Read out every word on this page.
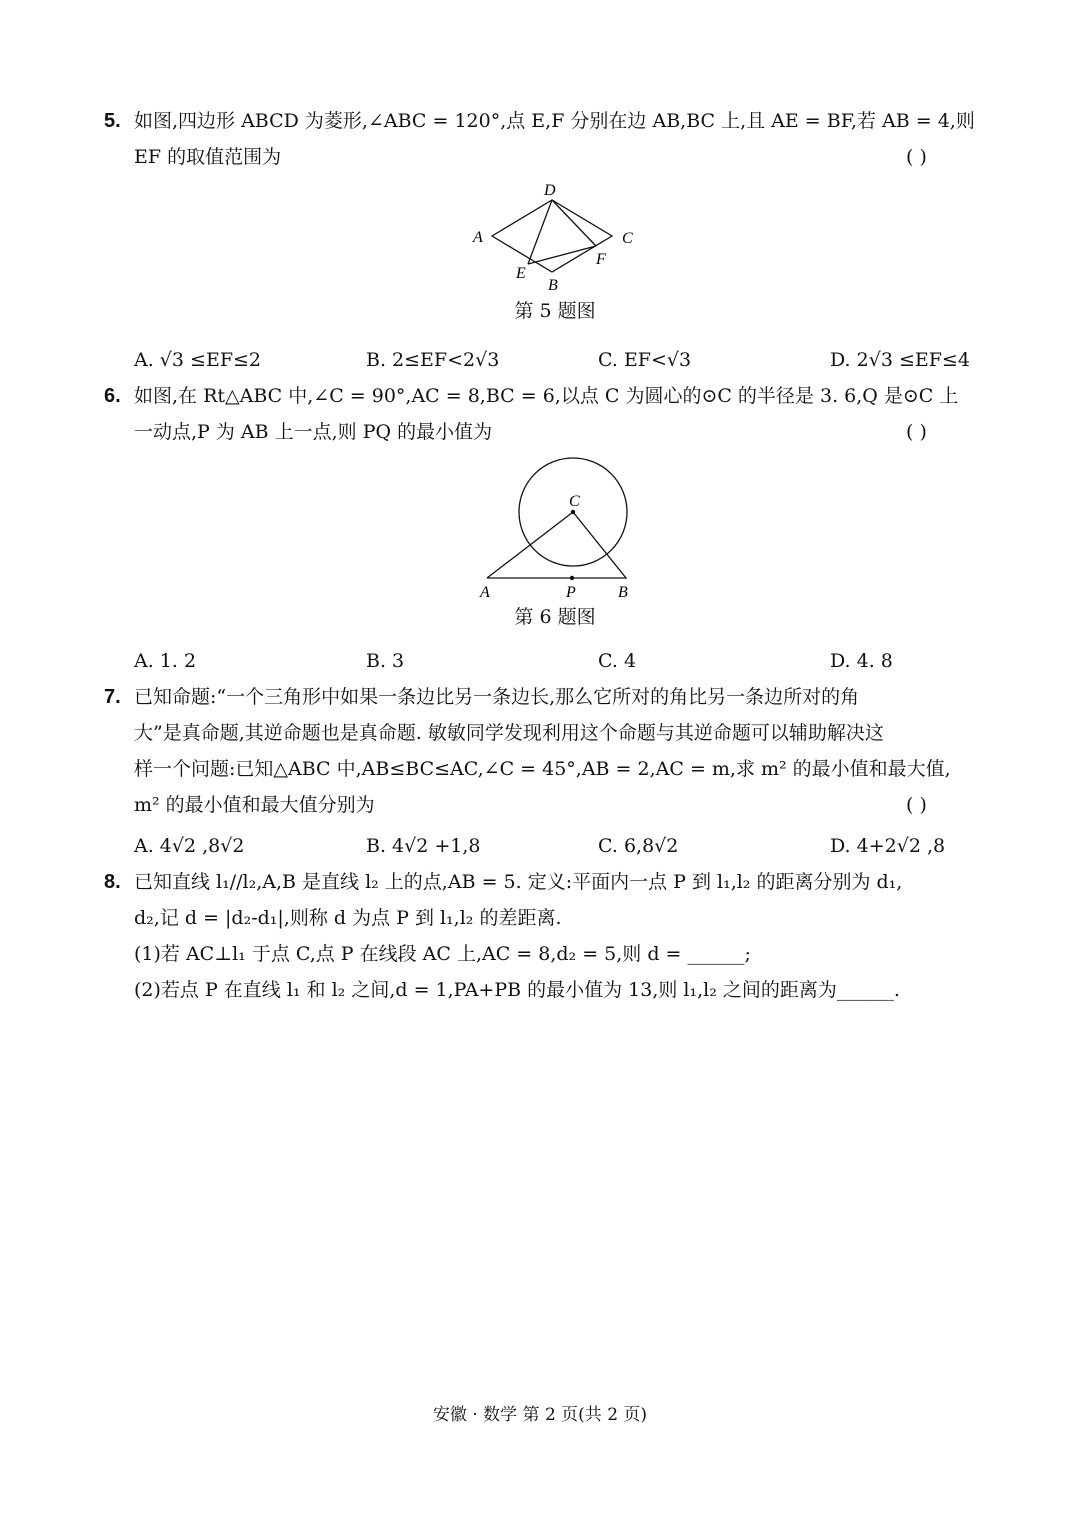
5. 如图,四边形 ABCD 为菱形,∠ABC = 120°,点 E,F 分别在边 AB,BC 上,且 AE = BF,若 AB = 4,则
EF 的取值范围为	( )
D
A	C
E
F
B
第 5 题图
A. √3 ≤EF≤2	B. 2≤EF<2√3	C. EF<√3	D. 2√3 ≤EF≤4
6. 如图,在 Rt△ABC 中,∠C = 90°,AC = 8,BC = 6,以点 C 为圆心的⊙C 的半径是 3. 6,Q 是⊙C 上
一动点,P 为 AB 上一点,则 PQ 的最小值为	( )
C
A	P	B
第 6 题图
A. 1. 2	B. 3	C. 4	D. 4. 8
7. 已知命题:“一个三角形中如果一条边比另一条边长,那么它所对的角比另一条边所对的角
大”是真命题,其逆命题也是真命题. 敏敏同学发现利用这个命题与其逆命题可以辅助解决这
样一个问题:已知△ABC 中,AB≤BC≤AC,∠C = 45°,AB = 2,AC = m,求 m² 的最小值和最大值,
m² 的最小值和最大值分别为	( )
A. 4√2 ,8√2	B. 4√2 +1,8	C. 6,8√2	D. 4+2√2 ,8
8. 已知直线 l₁//l₂,A,B 是直线 l₂ 上的点,AB = 5. 定义:平面内一点 P 到 l₁,l₂ 的距离分别为 d₁,
d₂,记 d = |d₂-d₁|,则称 d 为点 P 到 l₁,l₂ 的差距离.
(1)若 AC⊥l₁ 于点 C,点 P 在线段 AC 上,AC = 8,d₂ = 5,则 d = ______;
(2)若点 P 在直线 l₁ 和 l₂ 之间,d = 1,PA+PB 的最小值为 13,则 l₁,l₂ 之间的距离为______.
安徽 · 数学 第 2 页(共 2 页)
